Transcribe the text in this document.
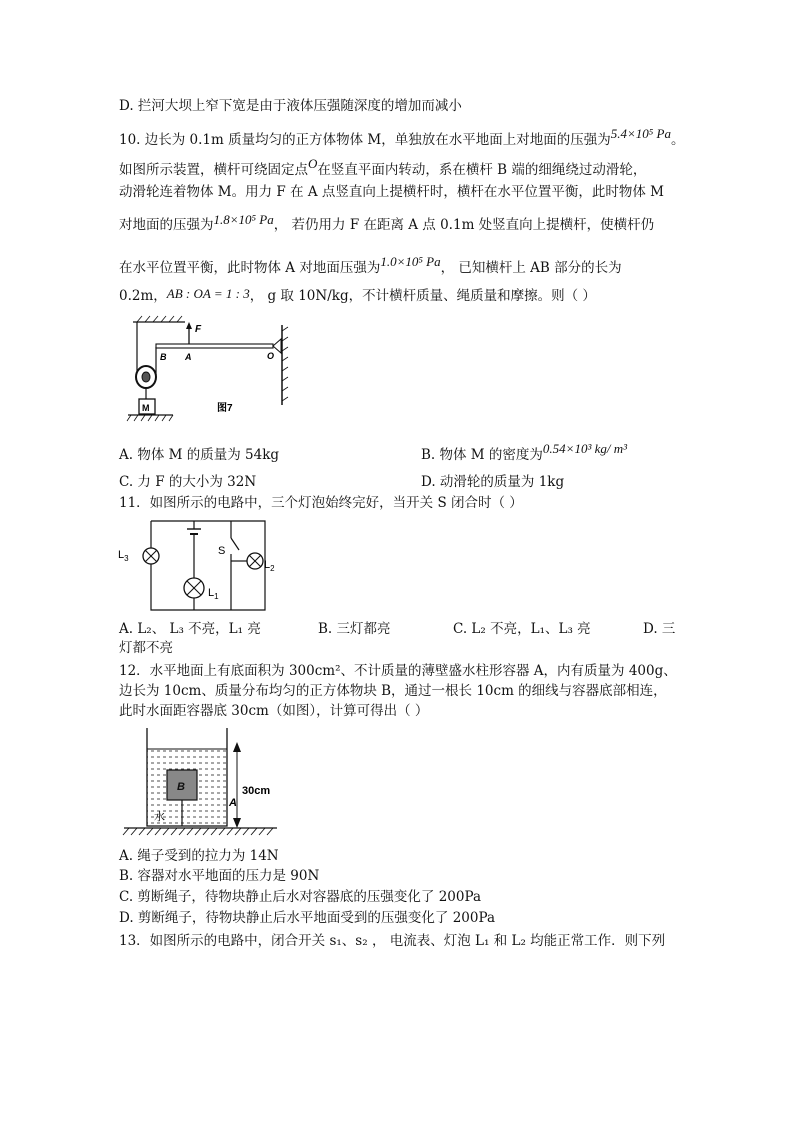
D. 拦河大坝上窄下宽是由于液体压强随深度的增加而减小
10. 边长为 0.1m 质量均匀的正方体物体 M，单独放在水平地面上对地面的压强为5.4×10⁵ Pa。
如图所示装置，横杆可绕固定点O在竖直平面内转动，系在横杆 B 端的细绳绕过动滑轮，
动滑轮连着物体 M。用力 F 在 A 点竖直向上提横杆时，横杆在水平位置平衡，此时物体 M
对地面的压强为1.8×10⁵ Pa， 若仍用力 F 在距离 A 点 0.1m 处竖直向上提横杆，使横杆仍
在水平位置平衡，此时物体 A 对地面压强为1.0×10⁵ Pa， 已知横杆上 AB 部分的长为
0.2m，AB : OA = 1 : 3， g 取 10N/kg，不计横杆质量、绳质量和摩擦。则（ ）
F
B A	O
M	图7
A. 物体 M 的质量为 54kg	B. 物体 M 的密度为0.54×10³ kg/ m³
C. 力 F 的大小为 32N	D. 动滑轮的质量为 1kg
11．如图所示的电路中，三个灯泡始终完好，当开关 S 闭合时（ ）
$L_1$
S
$L_2$
$L_3$
A. L₂、 L₃ 不亮，L₁ 亮	B. 三灯都亮	C. L₂ 不亮，L₁、L₃ 亮	D. 三
灯都不亮
12．水平地面上有底面积为 300cm²、不计质量的薄壁盛水柱形容器 A，内有质量为 400g、
边长为 10cm、质量分布均匀的正方体物块 B，通过一根长 10cm 的细线与容器底部相连，
此时水面距容器底 30cm（如图），计算可得出（ ）
B
水
A
30cm
A. 绳子受到的拉力为 14N
B. 容器对水平地面的压力是 90N
C. 剪断绳子，待物块静止后水对容器底的压强变化了 200Pa
D. 剪断绳子，待物块静止后水平地面受到的压强变化了 200Pa
13．如图所示的电路中，闭合开关 s₁、s₂ ， 电流表、灯泡 L₁ 和 L₂ 均能正常工作．则下列
